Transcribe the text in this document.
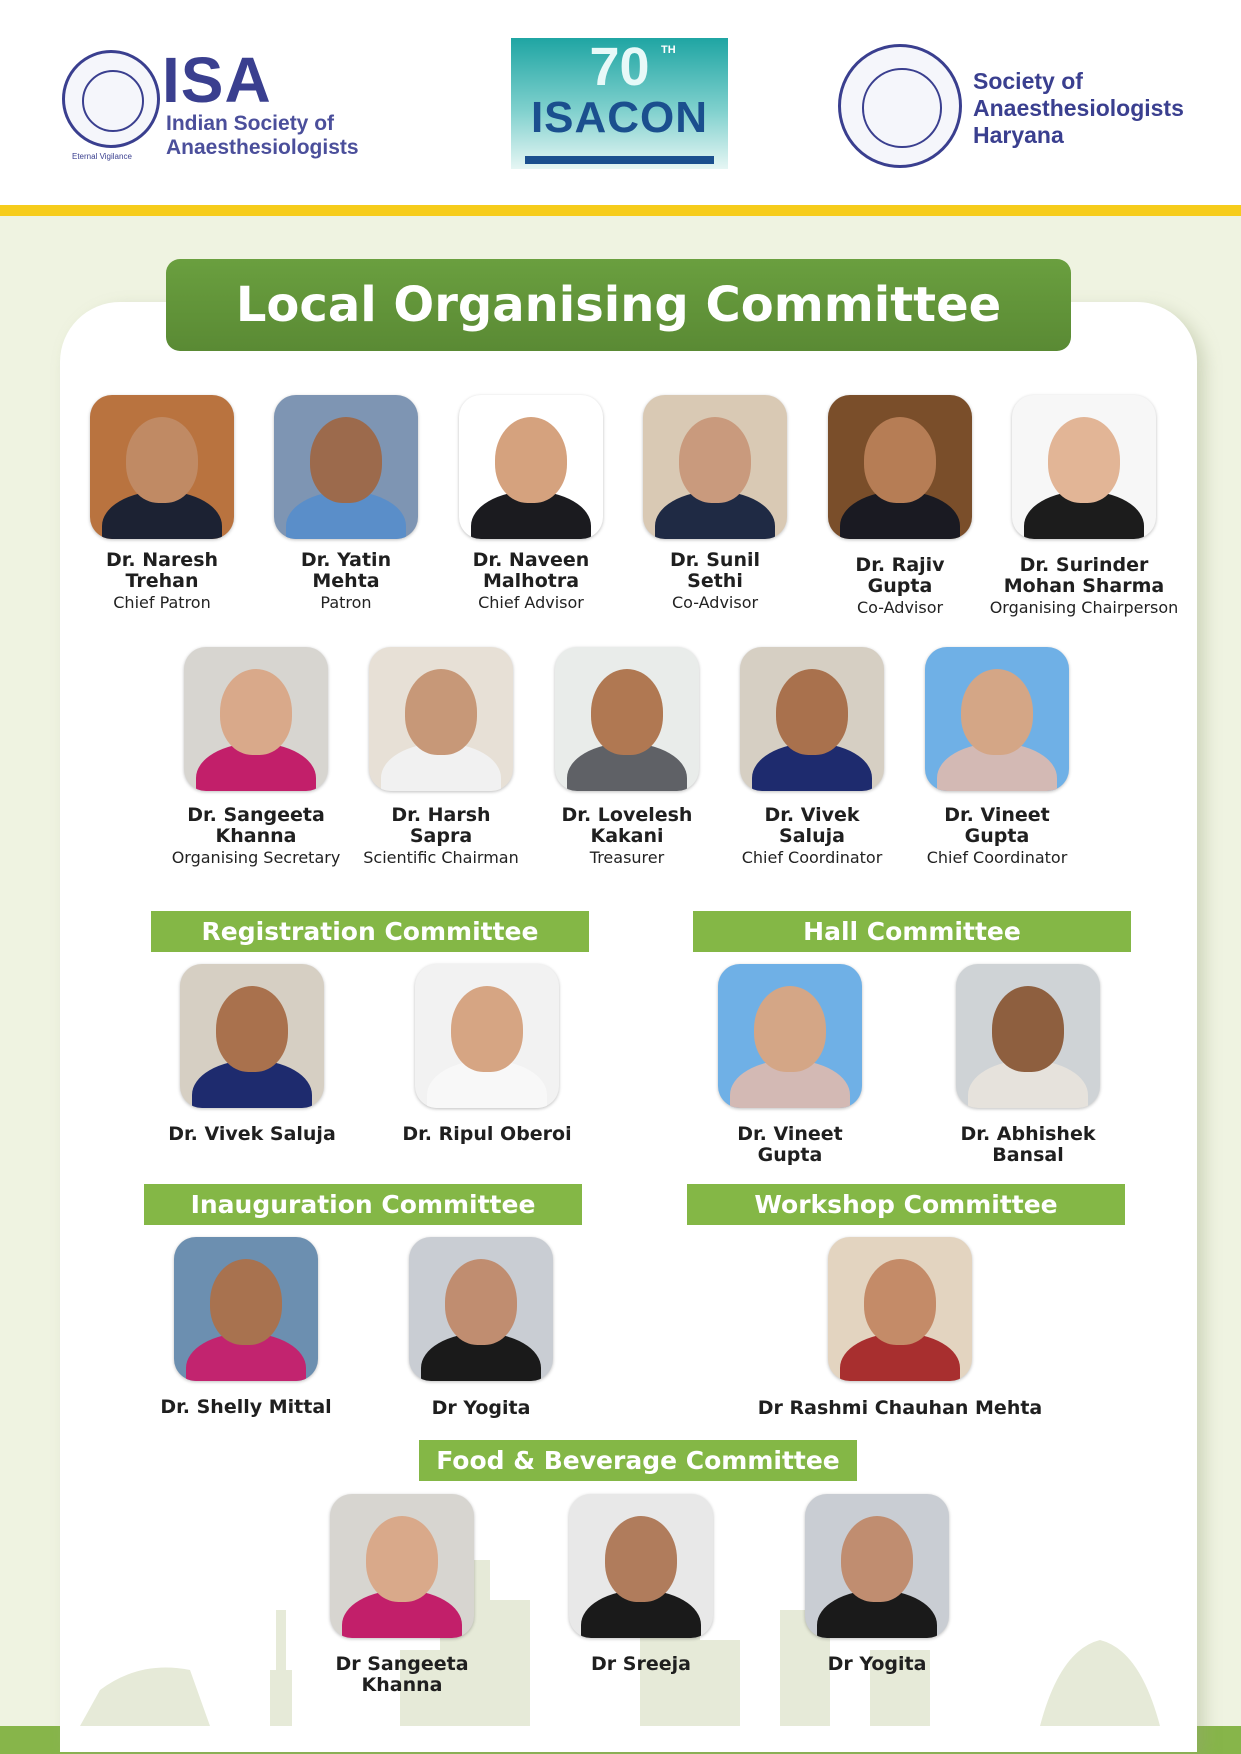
ISA
Indian Society of
Anaesthesiologists
Eternal Vigilance
70	TH
ISACON
Society of
Anaesthesiologists
Haryana
Local Organising Committee
Dr. Naresh
Trehan
Chief Patron
Dr. Yatin
Mehta
Patron
Dr. Naveen
Malhotra
Chief Advisor
Dr. Sunil
Sethi
Co-Advisor
Dr. Rajiv
Gupta
Co-Advisor
Dr. Surinder
Mohan Sharma
Organising Chairperson
Dr. Sangeeta
Khanna
Organising Secretary
Dr. Harsh
Sapra
Scientific Chairman
Dr. Lovelesh
Kakani
Treasurer
Dr. Vivek
Saluja
Chief Coordinator
Dr. Vineet
Gupta
Chief Coordinator
Registration Committee	Hall Committee
Inauguration Committee	Workshop Committee
Food & Beverage Committee
Dr. Vivek Saluja	Dr. Ripul Oberoi	Dr. Vineet
Gupta
Dr. Abhishek
Bansal
Dr. Shelly Mittal	Dr Yogita	Dr Rashmi Chauhan Mehta
Dr Sangeeta
Khanna
Dr Sreeja	Dr Yogita
